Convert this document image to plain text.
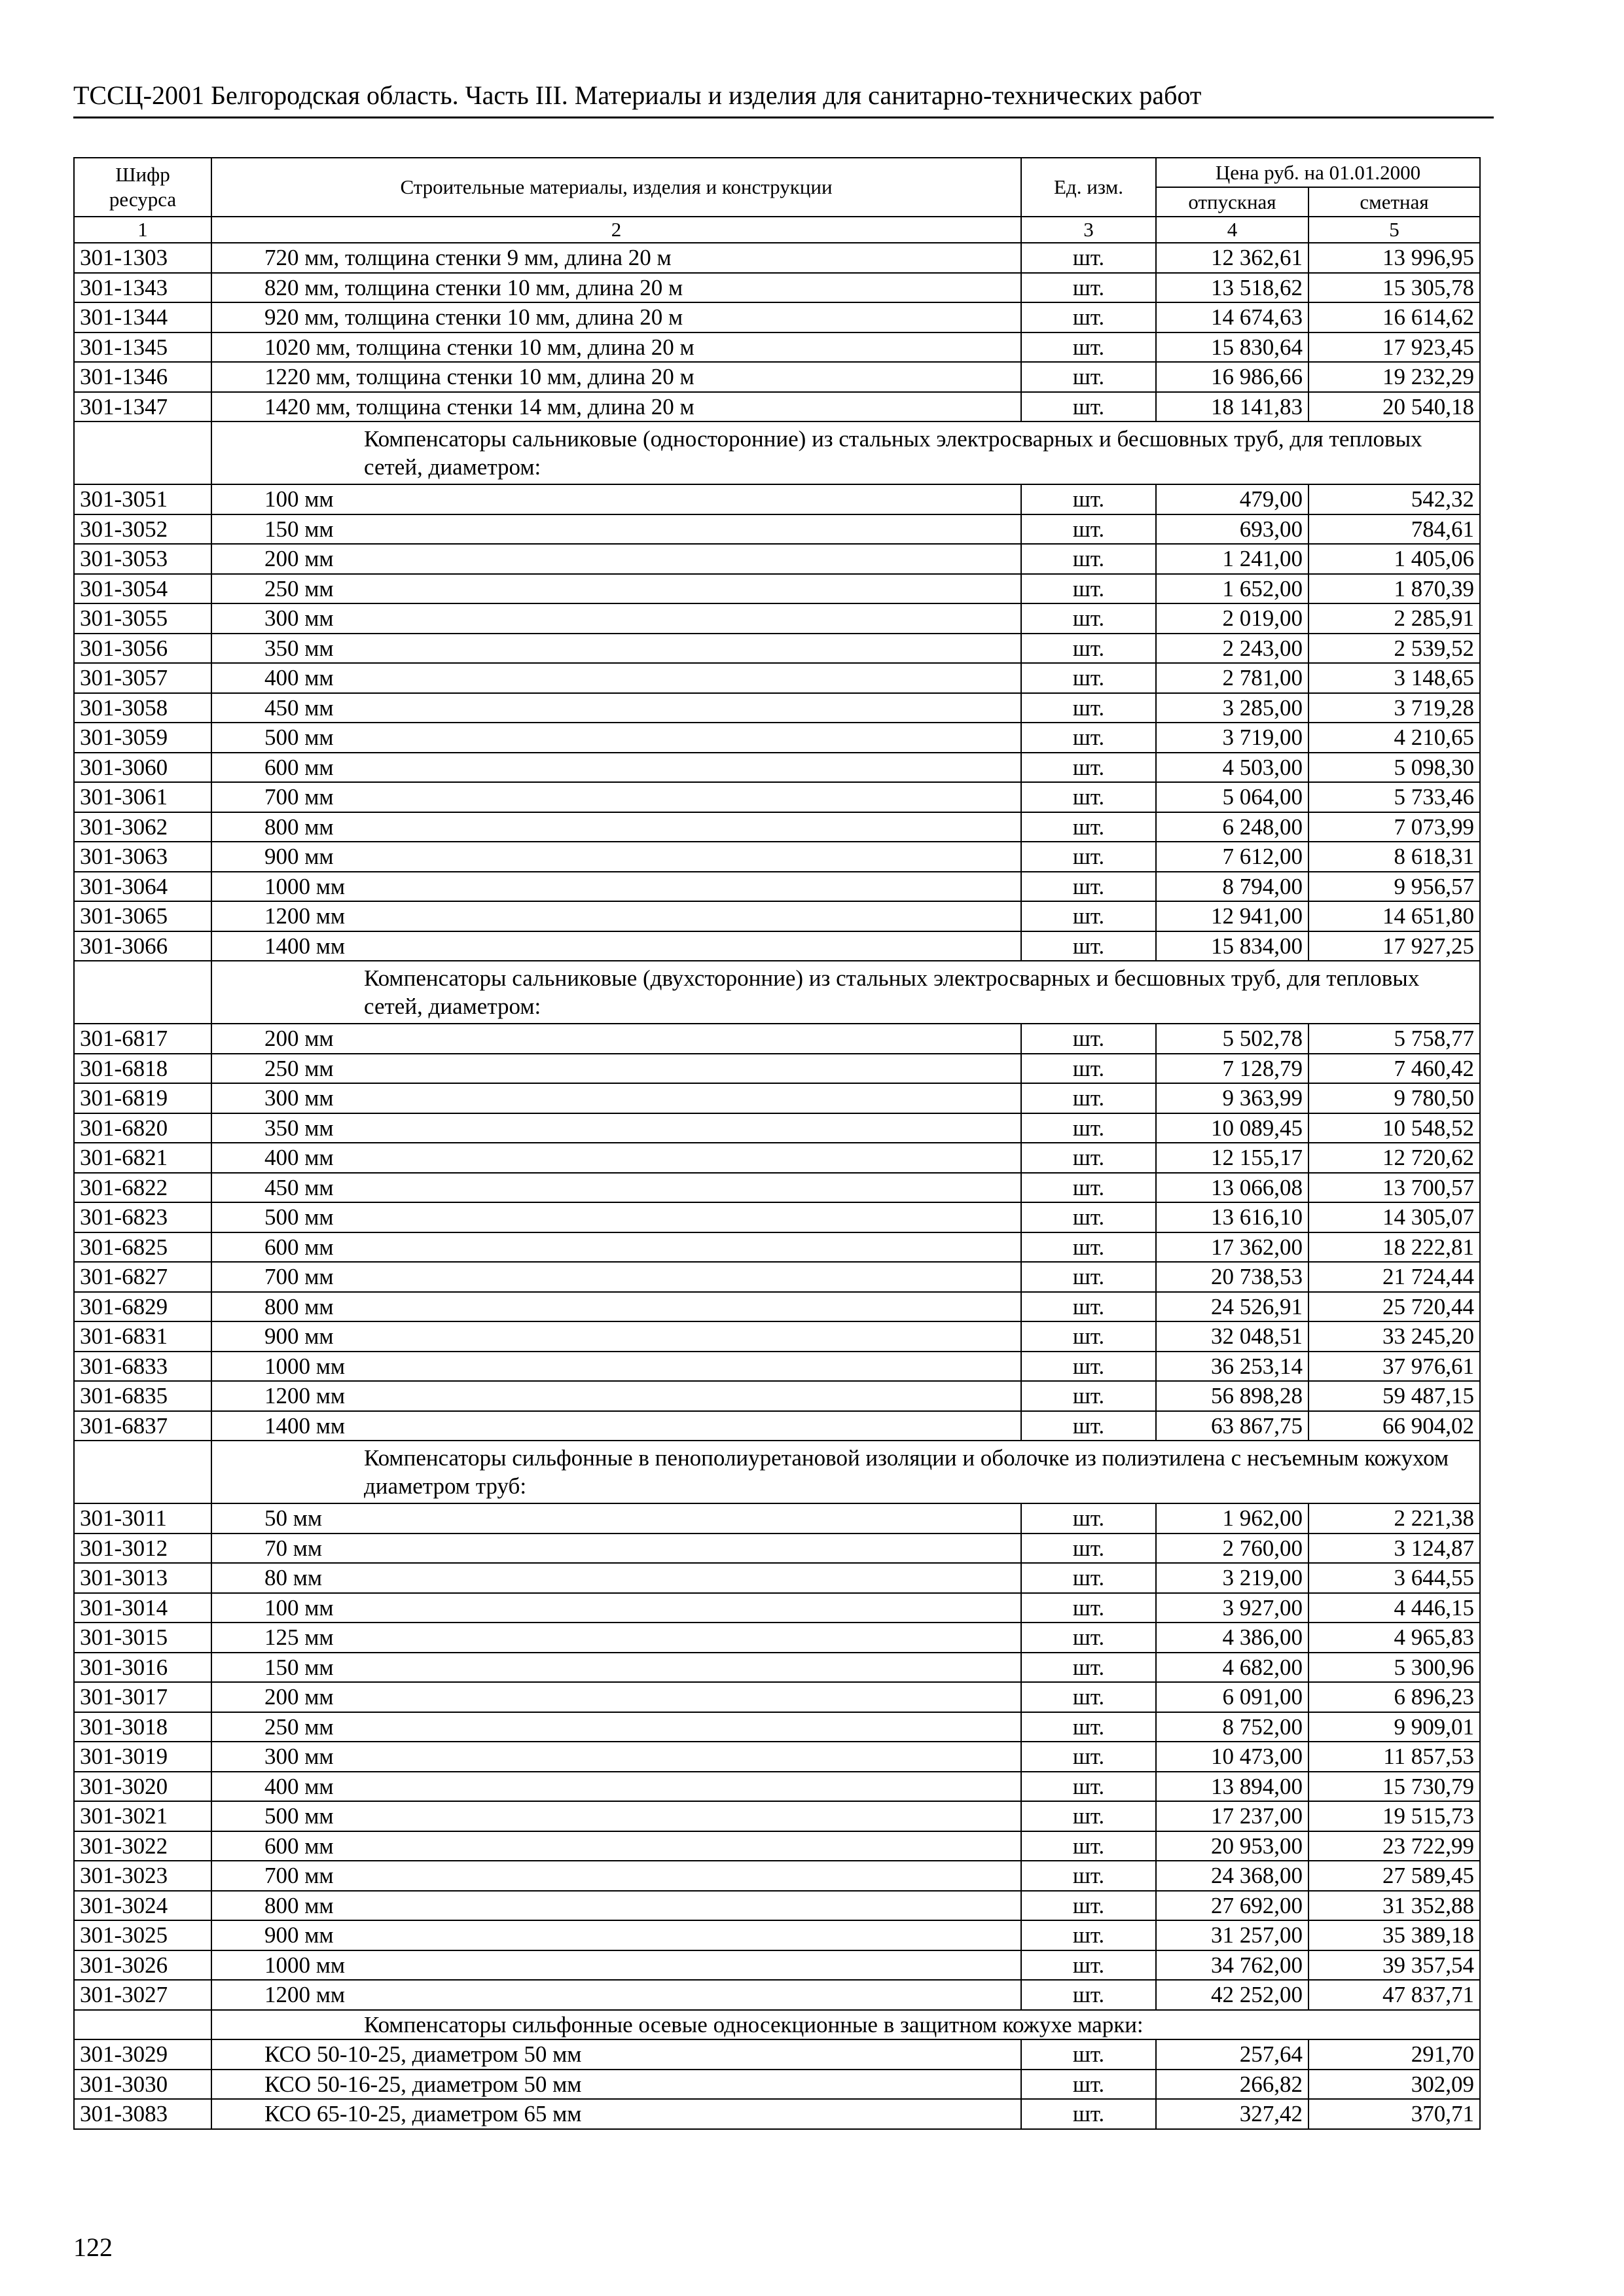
ТССЦ-2001 Белгородская область. Часть III. Материалы и изделия для санитарно-технических работ
Шифр ресурса	Строительные материалы, изделия и конструкции	Ед. изм.	Цена руб. на 01.01.2000	
			отпускная	сметная
1	2	3	4	5
301-1303	720 мм, толщина стенки 9 мм, длина 20 м	шт.	12 362,61	13 996,95
301-1343	820 мм, толщина стенки 10 мм, длина 20 м	шт.	13 518,62	15 305,78
301-1344	920 мм, толщина стенки 10 мм, длина 20 м	шт.	14 674,63	16 614,62
301-1345	1020 мм, толщина стенки 10 мм, длина 20 м	шт.	15 830,64	17 923,45
301-1346	1220 мм, толщина стенки 10 мм, длина 20 м	шт.	16 986,66	19 232,29
301-1347	1420 мм, толщина стенки 14 мм, длина 20 м	шт.	18 141,83	20 540,18
	Компенсаторы сальниковые (односторонние) из стальных электросварных и бесшовных труб, для тепловых сетей, диаметром:			
301-3051	100 мм	шт.	479,00	542,32
301-3052	150 мм	шт.	693,00	784,61
301-3053	200 мм	шт.	1 241,00	1 405,06
301-3054	250 мм	шт.	1 652,00	1 870,39
301-3055	300 мм	шт.	2 019,00	2 285,91
301-3056	350 мм	шт.	2 243,00	2 539,52
301-3057	400 мм	шт.	2 781,00	3 148,65
301-3058	450 мм	шт.	3 285,00	3 719,28
301-3059	500 мм	шт.	3 719,00	4 210,65
301-3060	600 мм	шт.	4 503,00	5 098,30
301-3061	700 мм	шт.	5 064,00	5 733,46
301-3062	800 мм	шт.	6 248,00	7 073,99
301-3063	900 мм	шт.	7 612,00	8 618,31
301-3064	1000 мм	шт.	8 794,00	9 956,57
301-3065	1200 мм	шт.	12 941,00	14 651,80
301-3066	1400 мм	шт.	15 834,00	17 927,25
	Компенсаторы сальниковые (двухсторонние) из стальных электросварных и бесшовных труб, для тепловых сетей, диаметром:			
301-6817	200 мм	шт.	5 502,78	5 758,77
301-6818	250 мм	шт.	7 128,79	7 460,42
301-6819	300 мм	шт.	9 363,99	9 780,50
301-6820	350 мм	шт.	10 089,45	10 548,52
301-6821	400 мм	шт.	12 155,17	12 720,62
301-6822	450 мм	шт.	13 066,08	13 700,57
301-6823	500 мм	шт.	13 616,10	14 305,07
301-6825	600 мм	шт.	17 362,00	18 222,81
301-6827	700 мм	шт.	20 738,53	21 724,44
301-6829	800 мм	шт.	24 526,91	25 720,44
301-6831	900 мм	шт.	32 048,51	33 245,20
301-6833	1000 мм	шт.	36 253,14	37 976,61
301-6835	1200 мм	шт.	56 898,28	59 487,15
301-6837	1400 мм	шт.	63 867,75	66 904,02
	Компенсаторы сильфонные в пенополиуретановой изоляции и оболочке из полиэтилена с несъемным кожухом диаметром труб:			
301-3011	50 мм	шт.	1 962,00	2 221,38
301-3012	70 мм	шт.	2 760,00	3 124,87
301-3013	80 мм	шт.	3 219,00	3 644,55
301-3014	100 мм	шт.	3 927,00	4 446,15
301-3015	125 мм	шт.	4 386,00	4 965,83
301-3016	150 мм	шт.	4 682,00	5 300,96
301-3017	200 мм	шт.	6 091,00	6 896,23
301-3018	250 мм	шт.	8 752,00	9 909,01
301-3019	300 мм	шт.	10 473,00	11 857,53
301-3020	400 мм	шт.	13 894,00	15 730,79
301-3021	500 мм	шт.	17 237,00	19 515,73
301-3022	600 мм	шт.	20 953,00	23 722,99
301-3023	700 мм	шт.	24 368,00	27 589,45
301-3024	800 мм	шт.	27 692,00	31 352,88
301-3025	900 мм	шт.	31 257,00	35 389,18
301-3026	1000 мм	шт.	34 762,00	39 357,54
301-3027	1200 мм	шт.	42 252,00	47 837,71
	Компенсаторы сильфонные осевые односекционные в защитном кожухе марки:			
301-3029	КСО 50-10-25, диаметром 50 мм	шт.	257,64	291,70
301-3030	КСО 50-16-25, диаметром 50 мм	шт.	266,82	302,09
301-3083	КСО 65-10-25, диаметром 65 мм	шт.	327,42	370,71
122
